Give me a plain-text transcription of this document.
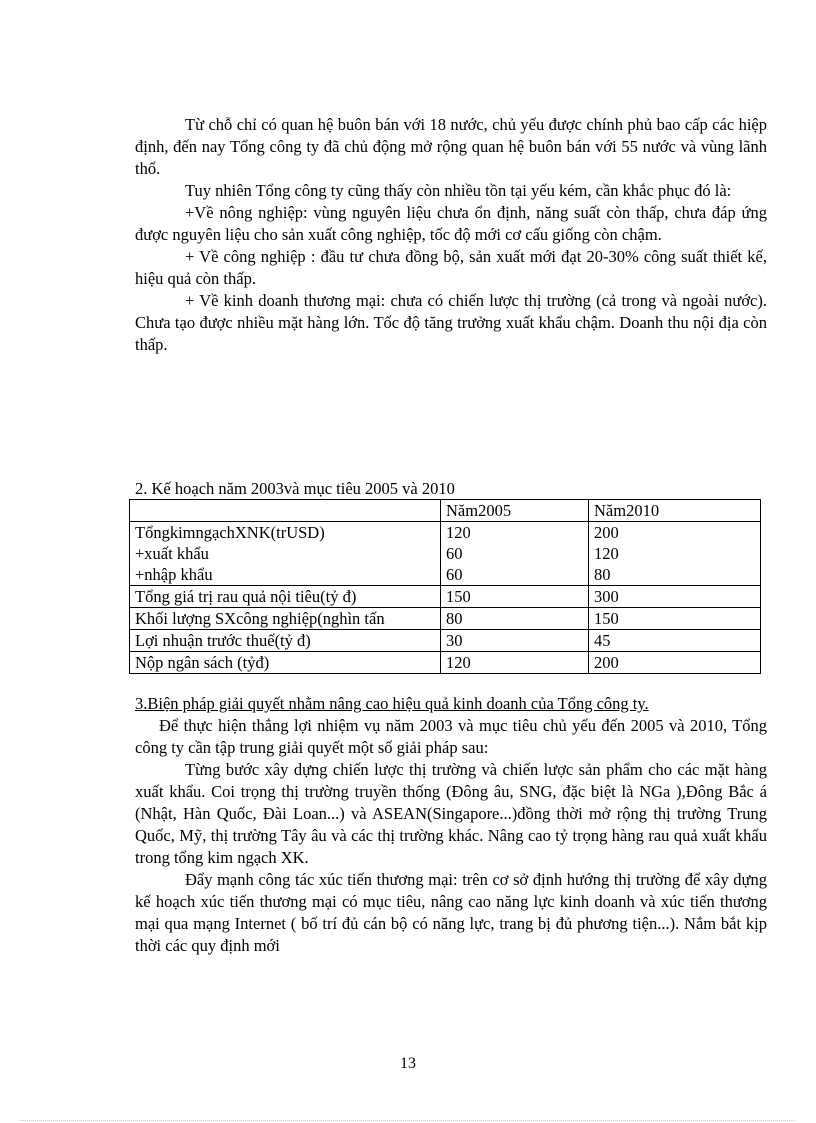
Từ chỗ chỉ có quan hệ buôn bán với 18 nước, chủ yếu được chính phủ bao cấp các hiệp định, đến nay Tổng công ty đã chủ động mở rộng quan hệ buôn bán với 55 nước và vùng lãnh thổ.

Tuy nhiên Tổng công ty cũng thấy còn nhiều tồn tại yếu kém, cần khắc phục đó là:

+Về nông nghiệp: vùng nguyên liệu chưa ổn định, năng suất còn thấp, chưa đáp ứng được nguyên liệu cho sản xuất công nghiệp, tốc độ mới cơ cấu giống còn chậm.

+ Về công nghiệp : đầu tư chưa đồng bộ, sản xuất mới đạt 20-30% công suất thiết kế, hiệu quả còn thấp.

+ Về kinh doanh thương mại: chưa có chiến lược thị trường (cả trong và ngoài nước). Chưa tạo được nhiều mặt hàng lớn. Tốc độ tăng trưởng xuất khẩu chậm. Doanh thu nội địa còn thấp.

2. Kế hoạch năm 2003và mục tiêu 2005 và 2010
	Năm2005	Năm2010
TổngkimngạchXNK(trUSD)	120	200
+xuất khẩu	60	120
+nhập khẩu	60	80
Tổng giá trị rau quả nội tiêu(tỷ đ)	150	300
Khối lượng SXcông nghiệp(nghìn tấn	80	150
Lợi nhuận trước thuế(tỷ đ)	30	45
Nộp ngân sách (tỷđ)	120	200

3.Biện pháp giải quyết nhằm nâng cao hiệu quả kinh doanh của Tổng công ty.

Để thực hiện thắng lợi nhiệm vụ năm 2003 và mục tiêu chủ yếu đến 2005 và 2010, Tổng công ty cần tập trung giải quyết một số giải pháp sau:

Từng bước xây dựng chiến lược thị trường và chiến lược sản phẩm cho các mặt hàng xuất khẩu. Coi trọng thị trường truyền thống (Đông âu, SNG, đặc biệt là NGa ),Đông Bắc á (Nhật, Hàn Quốc, Đài Loan...) và ASEAN(Singapore...)đồng thời mở rộng thị trường Trung Quốc, Mỹ, thị trường Tây âu và các thị trường khác. Nâng cao tỷ trọng hàng rau quả xuất khẩu trong tổng kim ngạch XK.

Đẩy mạnh công tác xúc tiến thương mại: trên cơ sở định hướng thị trường để xây dựng kế hoạch xúc tiến thương mại có mục tiêu, nâng cao năng lực kinh doanh và xúc tiến thương mại qua mạng Internet ( bố trí đủ cán bộ có năng lực, trang bị đủ phương tiện...). Nắm bắt kịp thời các quy định mới

13
